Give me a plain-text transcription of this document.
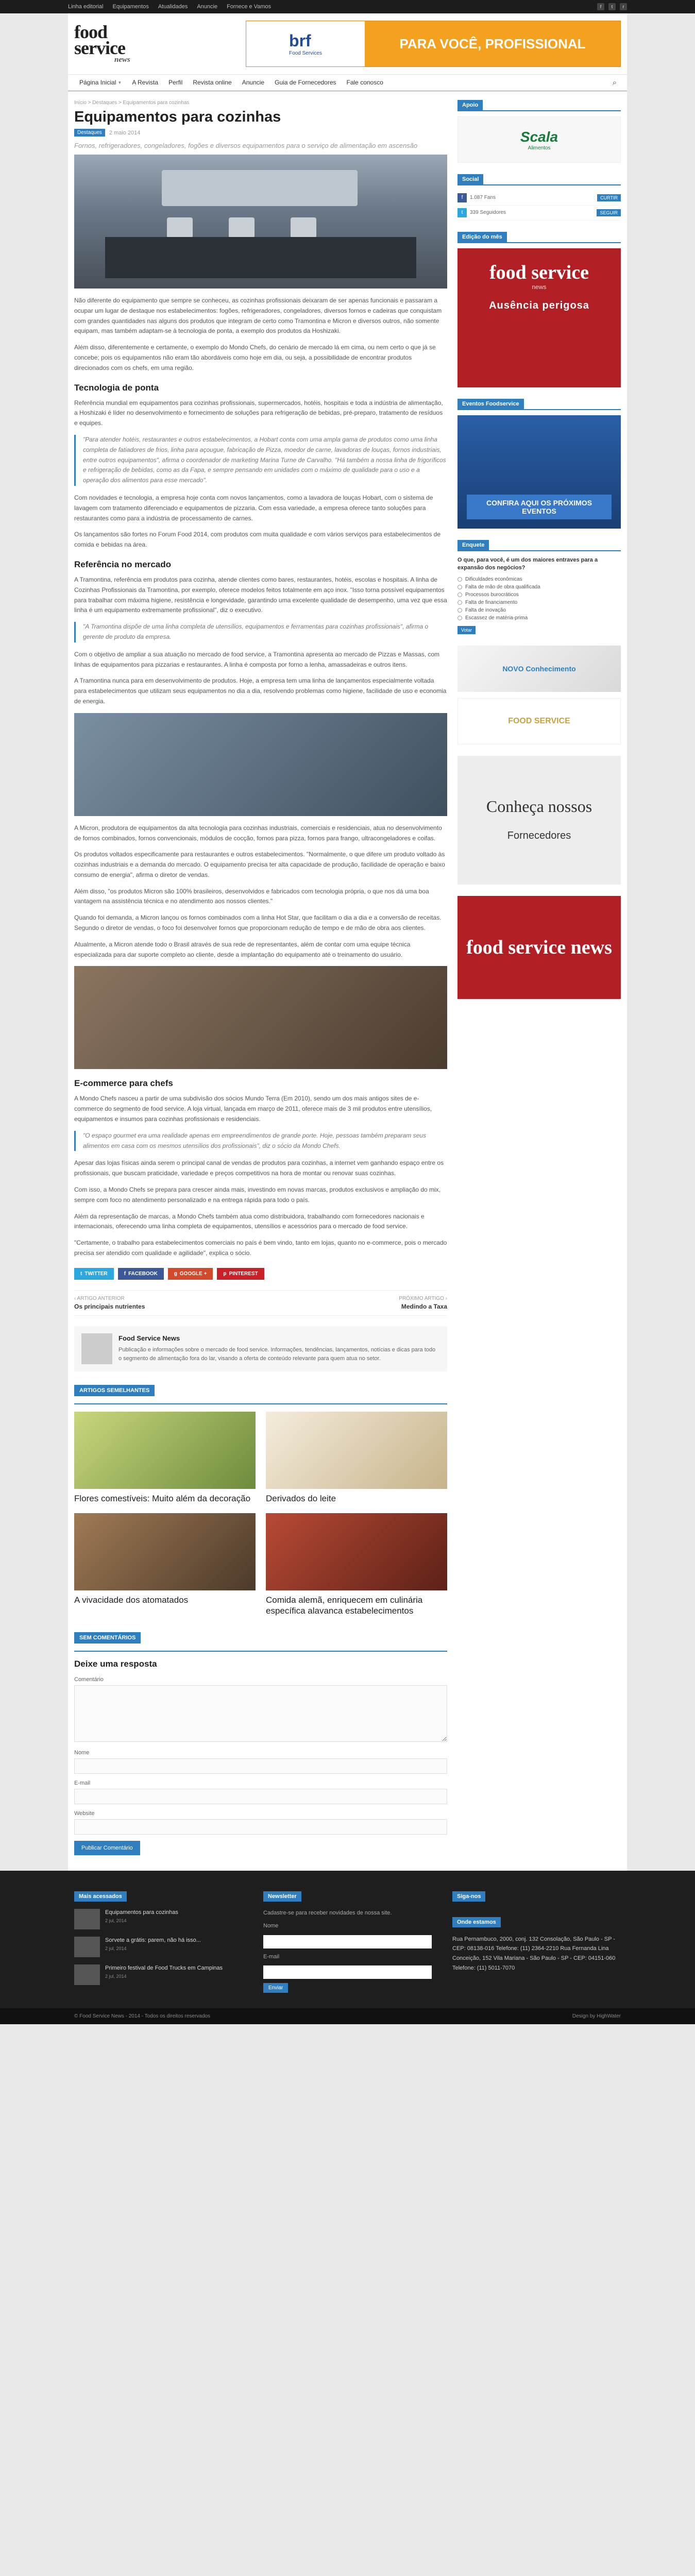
Linha editorial Equipamentos Atualidades Anuncie Fornece e Vamos	f	t	r
food
service
news
brf
Food Services
PARA VOCÊ, PROFISSIONAL
Página Inicial ▼ A Revista Perfil Revista online Anuncie Guia de Fornecedores Fale conosco	⌕
Início > Destaques > Equipamentos para cozinhas
Equipamentos para cozinhas
Destaques	2 maio 2014
Fornos, refrigeradores, congeladores, fogões e diversos equipamentos para o serviço de alimentação em ascensão

Não diferente do equipamento que sempre se conheceu, as cozinhas profissionais deixaram de ser apenas funcionais e passaram a ocupar um lugar de destaque nos estabelecimentos: fogões, refrigeradores, congeladores, diversos fornos e cadeiras que conquistam com grandes quantidades nas alguns dos produtos que integram de certo como Tramontina e Micron e diversos outros, não somente equipam, mas também adaptam-se à tecnologia de ponta, a exemplo dos produtos da Hoshizaki.

Além disso, diferentemente e certamente, o exemplo do Mondo Chefs, do cenário de mercado lá em cima, ou nem certo o que já se concebe; pois os equipamentos não eram tão abordáveis como hoje em dia, ou seja, a possibilidade de encontrar produtos direcionados com os chefs, em uma região.

Tecnologia de ponta

Referência mundial em equipamentos para cozinhas profissionais, supermercados, hotéis, hospitais e toda a indústria de alimentação, a Hoshizaki é líder no desenvolvimento e fornecimento de soluções para refrigeração de bebidas, pré-preparo, tratamento de resíduos e equipes.

"Para atender hotéis, restaurantes e outros estabelecimentos, a Hobart conta com uma ampla gama de produtos como uma linha completa de fatiadores de frios, linha para açougue, fabricação de Pizza, moedor de carne, lavadoras de louças, fornos industriais, entre outros equipamentos", afirma o coordenador de marketing Marina Turne de Carvalho. "Há também a nossa linha de frigoríficos e refrigeração de bebidas, como as da Fapa, e sempre pensando em unidades com o máximo de qualidade para o uso e a operação dos alimentos para esse mercado".

Com novidades e tecnologia, a empresa hoje conta com novos lançamentos, como a lavadora de louças Hobart, com o sistema de lavagem com tratamento diferenciado e equipamentos de pizzaria. Com essa variedade, a empresa oferece tanto soluções para restaurantes como para a indústria de processamento de carnes.

Os lançamentos são fortes no Forum Food 2014, com produtos com muita qualidade e com vários serviços para estabelecimentos de comida e bebidas na área.

Referência no mercado

A Tramontina, referência em produtos para cozinha, atende clientes como bares, restaurantes, hotéis, escolas e hospitais. A linha de Cozinhas Profissionais da Tramontina, por exemplo, oferece modelos feitos totalmente em aço inox. "Isso torna possível equipamentos para trabalhar com máxima higiene, resistência e longevidade, garantindo uma excelente qualidade de desempenho, uma vez que essa linha é um equipamento extremamente profissional", diz o executivo.

"A Tramontina dispõe de uma linha completa de utensílios, equipamentos e ferramentas para cozinhas profissionais", afirma o gerente de produto da empresa.

Com o objetivo de ampliar a sua atuação no mercado de food service, a Tramontina apresenta ao mercado de Pizzas e Massas, com linhas de equipamentos para pizzarias e restaurantes. A linha é composta por forno a lenha, amassadeiras e outros itens.

A Tramontina nunca para em desenvolvimento de produtos. Hoje, a empresa tem uma linha de lançamentos especialmente voltada para estabelecimentos que utilizam seus equipamentos no dia a dia, resolvendo problemas como higiene, facilidade de uso e economia de energia.

A Micron, produtora de equipamentos da alta tecnologia para cozinhas industriais, comerciais e residenciais, atua no desenvolvimento de fornos combinados, fornos convencionais, módulos de cocção, fornos para pizza, fornos para frango, ultracongeladores e coifas.

Os produtos voltados especificamente para restaurantes e outros estabelecimentos. "Normalmente, o que difere um produto voltado às cozinhas industriais e a demanda do mercado. O equipamento precisa ter alta capacidade de produção, facilidade de operação e baixo consumo de energia", afirma o diretor de vendas.

Além disso, "os produtos Micron são 100% brasileiros, desenvolvidos e fabricados com tecnologia própria, o que nos dá uma boa vantagem na assistência técnica e no atendimento aos nossos clientes."

Quando foi demanda, a Micron lançou os fornos combinados com a linha Hot Star, que facilitam o dia a dia e a conversão de receitas. Segundo o diretor de vendas, o foco foi desenvolver fornos que proporcionam redução de tempo e de mão de obra aos clientes.

Atualmente, a Micron atende todo o Brasil através de sua rede de representantes, além de contar com uma equipe técnica especializada para dar suporte completo ao cliente, desde a implantação do equipamento até o treinamento do usuário.

E-commerce para chefs

A Mondo Chefs nasceu a partir de uma subdivisão dos sócios Mundo Terra (Em 2010), sendo um dos mais antigos sites de e-commerce do segmento de food service. A loja virtual, lançada em março de 2011, oferece mais de 3 mil produtos entre utensílios, equipamentos e insumos para cozinhas profissionais e residenciais.

"O espaço gourmet era uma realidade apenas em empreendimentos de grande porte. Hoje, pessoas também preparam seus alimentos em casa com os mesmos utensílios dos profissionais", diz o sócio da Mondo Chefs.

Apesar das lojas físicas ainda serem o principal canal de vendas de produtos para cozinhas, a internet vem ganhando espaço entre os profissionais, que buscam praticidade, variedade e preços competitivos na hora de montar ou renovar suas cozinhas.

Com isso, a Mondo Chefs se prepara para crescer ainda mais, investindo em novas marcas, produtos exclusivos e ampliação do mix, sempre com foco no atendimento personalizado e na entrega rápida para todo o país.

Além da representação de marcas, a Mondo Chefs também atua como distribuidora, trabalhando com fornecedores nacionais e internacionais, oferecendo uma linha completa de equipamentos, utensílios e acessórios para o mercado de food service.

"Certamente, o trabalho para estabelecimentos comerciais no país é bem vindo, tanto em lojas, quanto no e-commerce, pois o mercado precisa ser atendido com qualidade e agilidade", explica o sócio.

t TWITTER	f FACEBOOK	g GOOGLE +	p PINTEREST
‹ ARTIGO ANTERIOR
Os principais nutrientes
PRÓXIMO ARTIGO ›
Medindo a Taxa
Food Service News
Publicação e informações sobre o mercado de food service. Informações, tendências, lançamentos, notícias e dicas para todo o segmento de alimentação fora do lar, visando a oferta de conteúdo relevante para quem atua no setor.
ARTIGOS SEMELHANTES
Flores comestíveis: Muito além da decoração	Derivados do leite
A vivacidade dos atomatados	Comida alemã, enriquecem em culinária específica alavanca estabelecimentos
SEM COMENTÁRIOS
Deixe uma resposta
Comentário
Nome
E-mail
Website
Publicar Comentário
Apoio
Scala
Alimentos
Social
f 1.087 Fans	CURTIR
t 339 Seguidores	SEGUIR
Edição do mês
food service
news
Ausência perigosa
Eventos Foodservice
CONFIRA AQUI OS PRÓXIMOS EVENTOS
Enquete
O que, para você, é um dos maiores entraves para a expansão dos negócios?
Dificuldades econômicas
Falta de mão de obra qualificada
Processos burocráticos
Falta de financiamento
Falta de inovação
Escassez de matéria-prima
Votar
NOVO Conhecimento
FOOD SERVICE
Conheça nossos
Fornecedores
food service news
Mais acessados
Equipamentos para cozinhas
2 jul, 2014
Sorvete a grátis: parem, não há isso...
2 jul, 2014
Primeiro festival de Food Trucks em Campinas
2 jul, 2014
Newsletter

Cadastre-se para receber novidades de nossa site.

Nome

E-mail

Enviar
Siga-nos
Onde estamos
Rua Pernambuco, 2000, conj. 132 Consolação, São Paulo - SP - CEP: 08138-016 Telefone: (11) 2364-2210 Rua Fernanda Lina Conceição, 152 Vila Mariana - São Paulo - SP - CEP: 04151-060 Telefone: (11) 5011-7070
© Food Service News - 2014 - Todos os direitos reservados	Design by HighWater
